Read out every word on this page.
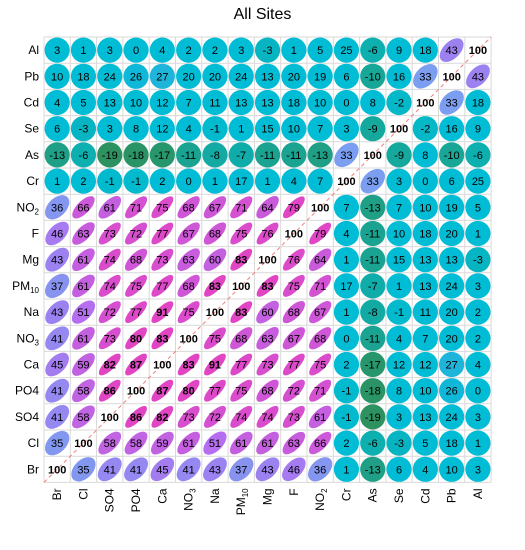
All Sites
3 1 3 0 4 2 2 3 -3 1 5 25 -6 9 18 43 100
10 18 24 26 27 20 20 24 13 20 19 6 -10 16 33 100 43
4 5 13 10 12 7 11 13 13 18 10 0 8 -2 100 33 18
6 -3 3 8 12 4 -1 1 15 10 7 3 -9 100 -2 16 9
-13 -6 -19 -18 -17 -11 -8 -7 -11 -11 -13 33 100 -9 8 -10 -6
1 2 -1 -1 2 0 1 17 1 4 7 100 33 3 0 6 25
36 66 61 71 75 68 67 71 64 79 100 7 -13 7 10 19 5
46 63 73 72 77 67 68 75 76 100 79 4 -11 10 18 20 1
43 61 74 68 73 63 60 83 100 76 64 1 -11 15 13 13 -3
37 61 74 75 77 68 83 100 83 75 71 17 -7 1 13 24 3
43 51 72 77 91 75 100 83 60 68 67 1 -8 -1 11 20 2
41 61 73 80 83 100 75 68 63 67 68 0 -11 4 7 20 2
45 59 82 87 100 83 91 77 73 77 75 2 -17 12 12 27 4
41 58 86 100 87 80 77 75 68 72 71 -1 -18 8 10 26 0
41 58 100 86 82 73 72 74 74 73 61 -1 -19 3 13 24 3
35 100 58 58 59 61 51 61 61 63 66 2 -6 -3 5 18 1
100 35 41 41 45 41 43 37 43 46 36 1 -13 6 4 10 3
Al
Pb
Cd
Se
As
Cr
$NO_2$
F
Mg
$PM_{10}$
Na
$NO_3$
Ca
PO4
SO4
Cl
Br
Br Cl SO4 PO4 Ca $NO_3$ Na
$PM_{10}$ Mg F
$NO_2$ Cr As Se Cd Pb Al
